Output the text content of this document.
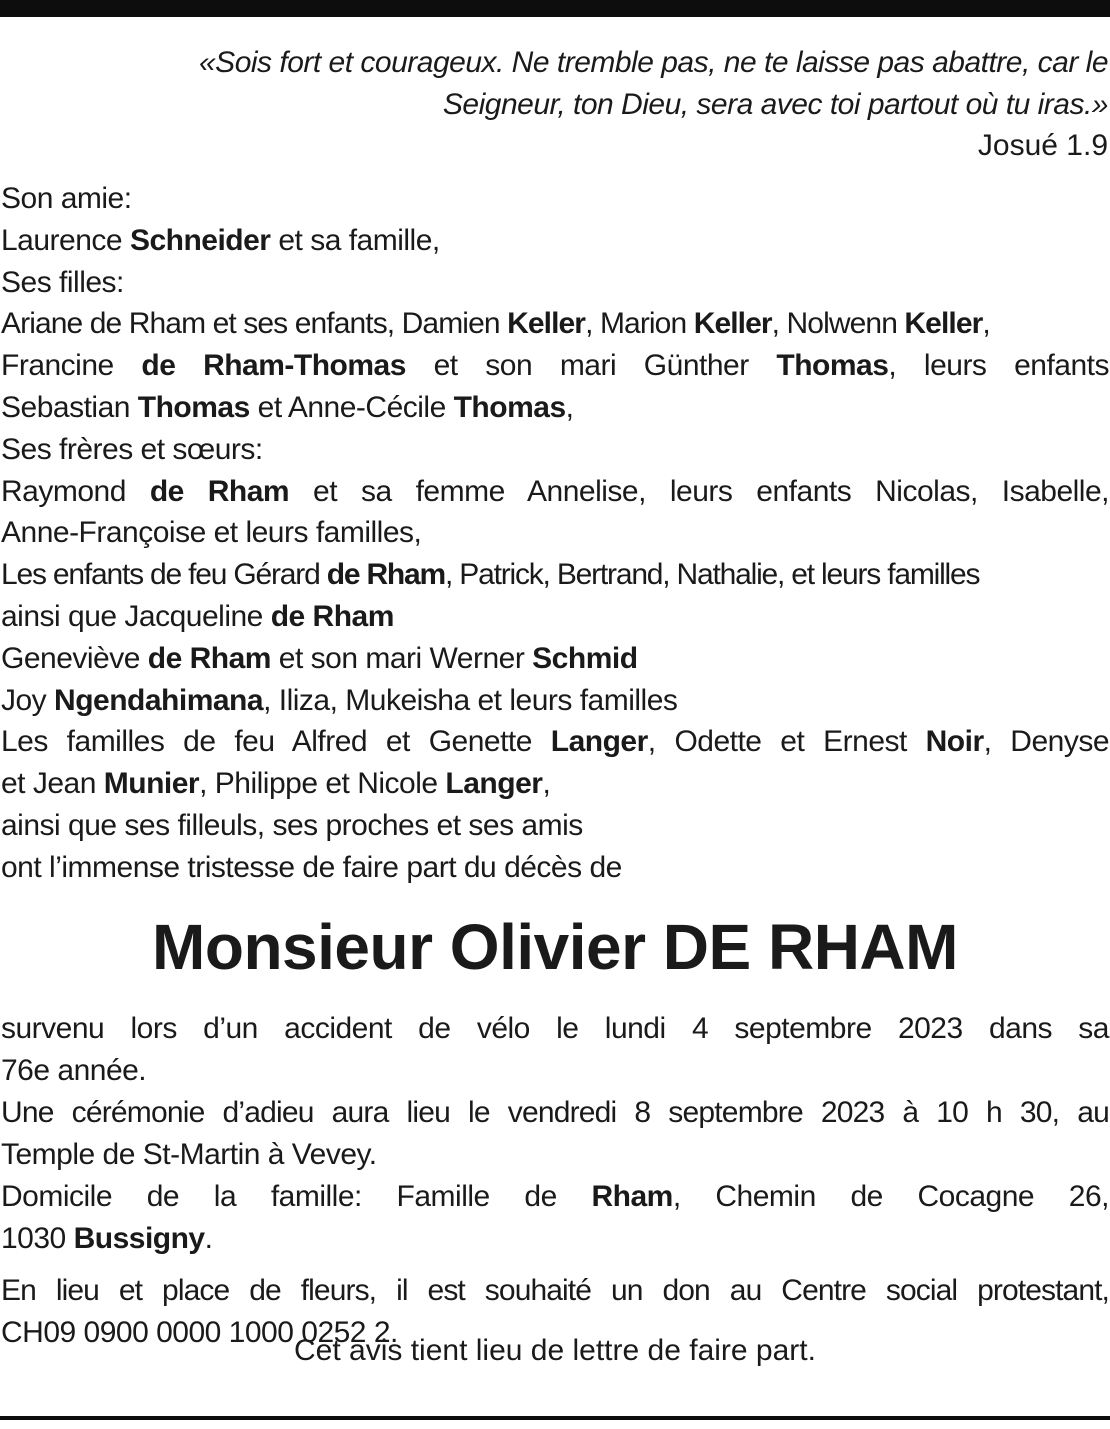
«Sois fort et courageux. Ne tremble pas, ne te laisse pas abattre, car le
Seigneur, ton Dieu, sera avec toi partout où tu iras.»
Josué 1.9
Son amie:
Laurence Schneider et sa famille,
Ses filles:
Ariane de Rham et ses enfants, Damien Keller, Marion Keller, Nolwenn Keller,
Francine de Rham-Thomas et son mari Günther Thomas, leurs enfants
Sebastian Thomas et Anne-Cécile Thomas,
Ses frères et sœurs:
Raymond de Rham et sa femme Annelise, leurs enfants Nicolas, Isabelle,
Anne-Françoise et leurs familles,
Les enfants de feu Gérard de Rham, Patrick, Bertrand, Nathalie, et leurs familles
ainsi que Jacqueline de Rham
Geneviève de Rham et son mari Werner Schmid
Joy Ngendahimana, Iliza, Mukeisha et leurs familles
Les familles de feu Alfred et Genette Langer, Odette et Ernest Noir, Denyse
et Jean Munier, Philippe et Nicole Langer,
ainsi que ses filleuls, ses proches et ses amis
ont l’immense tristesse de faire part du décès de
Monsieur Olivier DE RHAM
survenu lors d’un accident de vélo le lundi 4 septembre 2023 dans sa
76e année.
Une cérémonie d’adieu aura lieu le vendredi 8 septembre 2023 à 10 h 30, au
Temple de St-Martin à Vevey.
Domicile de la famille: Famille de Rham, Chemin de Cocagne 26,
1030 Bussigny.
En lieu et place de fleurs, il est souhaité un don au Centre social protestant,
CH09 0900 0000 1000 0252 2.
Cet avis tient lieu de lettre de faire part.
